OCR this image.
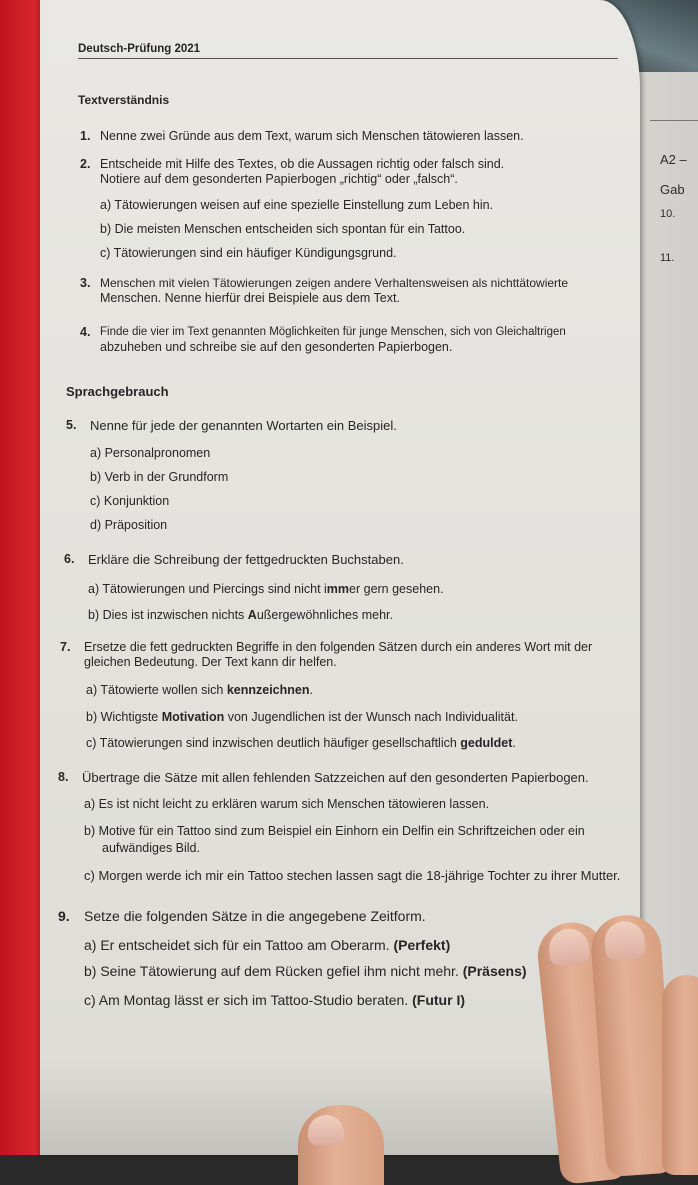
A2 –
Gab
10.
11.
Deutsch-Prüfung 2021
Textverständnis
1. Nenne zwei Gründe aus dem Text, warum sich Menschen tätowieren lassen.
2. Entscheide mit Hilfe des Textes, ob die Aussagen richtig oder falsch sind.
Notiere auf dem gesonderten Papierbogen „richtig“ oder „falsch“.
a) Tätowierungen weisen auf eine spezielle Einstellung zum Leben hin.
b) Die meisten Menschen entscheiden sich spontan für ein Tattoo.
c) Tätowierungen sind ein häufiger Kündigungsgrund.
3. Menschen mit vielen Tätowierungen zeigen andere Verhaltensweisen als nichttätowierte
Menschen. Nenne hierfür drei Beispiele aus dem Text.
4. Finde die vier im Text genannten Möglichkeiten für junge Menschen, sich von Gleichaltrigen
abzuheben und schreibe sie auf den gesonderten Papierbogen.
Sprachgebrauch
5. Nenne für jede der genannten Wortarten ein Beispiel.
a) Personalpronomen
b) Verb in der Grundform
c) Konjunktion
d) Präposition
6. Erkläre die Schreibung der fettgedruckten Buchstaben.
a) Tätowierungen und Piercings sind nicht immer gern gesehen.
b) Dies ist inzwischen nichts Außergewöhnliches mehr.
7. Ersetze die fett gedruckten Begriffe in den folgenden Sätzen durch ein anderes Wort mit der
gleichen Bedeutung. Der Text kann dir helfen.
a) Tätowierte wollen sich kennzeichnen.
b) Wichtigste Motivation von Jugendlichen ist der Wunsch nach Individualität.
c) Tätowierungen sind inzwischen deutlich häufiger gesellschaftlich geduldet.
8. Übertrage die Sätze mit allen fehlenden Satzzeichen auf den gesonderten Papierbogen.
a) Es ist nicht leicht zu erklären warum sich Menschen tätowieren lassen.
b) Motive für ein Tattoo sind zum Beispiel ein Einhorn ein Delfin ein Schriftzeichen oder ein
aufwändiges Bild.
c) Morgen werde ich mir ein Tattoo stechen lassen sagt die 18-jährige Tochter zu ihrer Mutter.
9. Setze die folgenden Sätze in die angegebene Zeitform.
a) Er entscheidet sich für ein Tattoo am Oberarm. (Perfekt)
b) Seine Tätowierung auf dem Rücken gefiel ihm nicht mehr. (Präsens)
c) Am Montag lässt er sich im Tattoo-Studio beraten. (Futur I)
